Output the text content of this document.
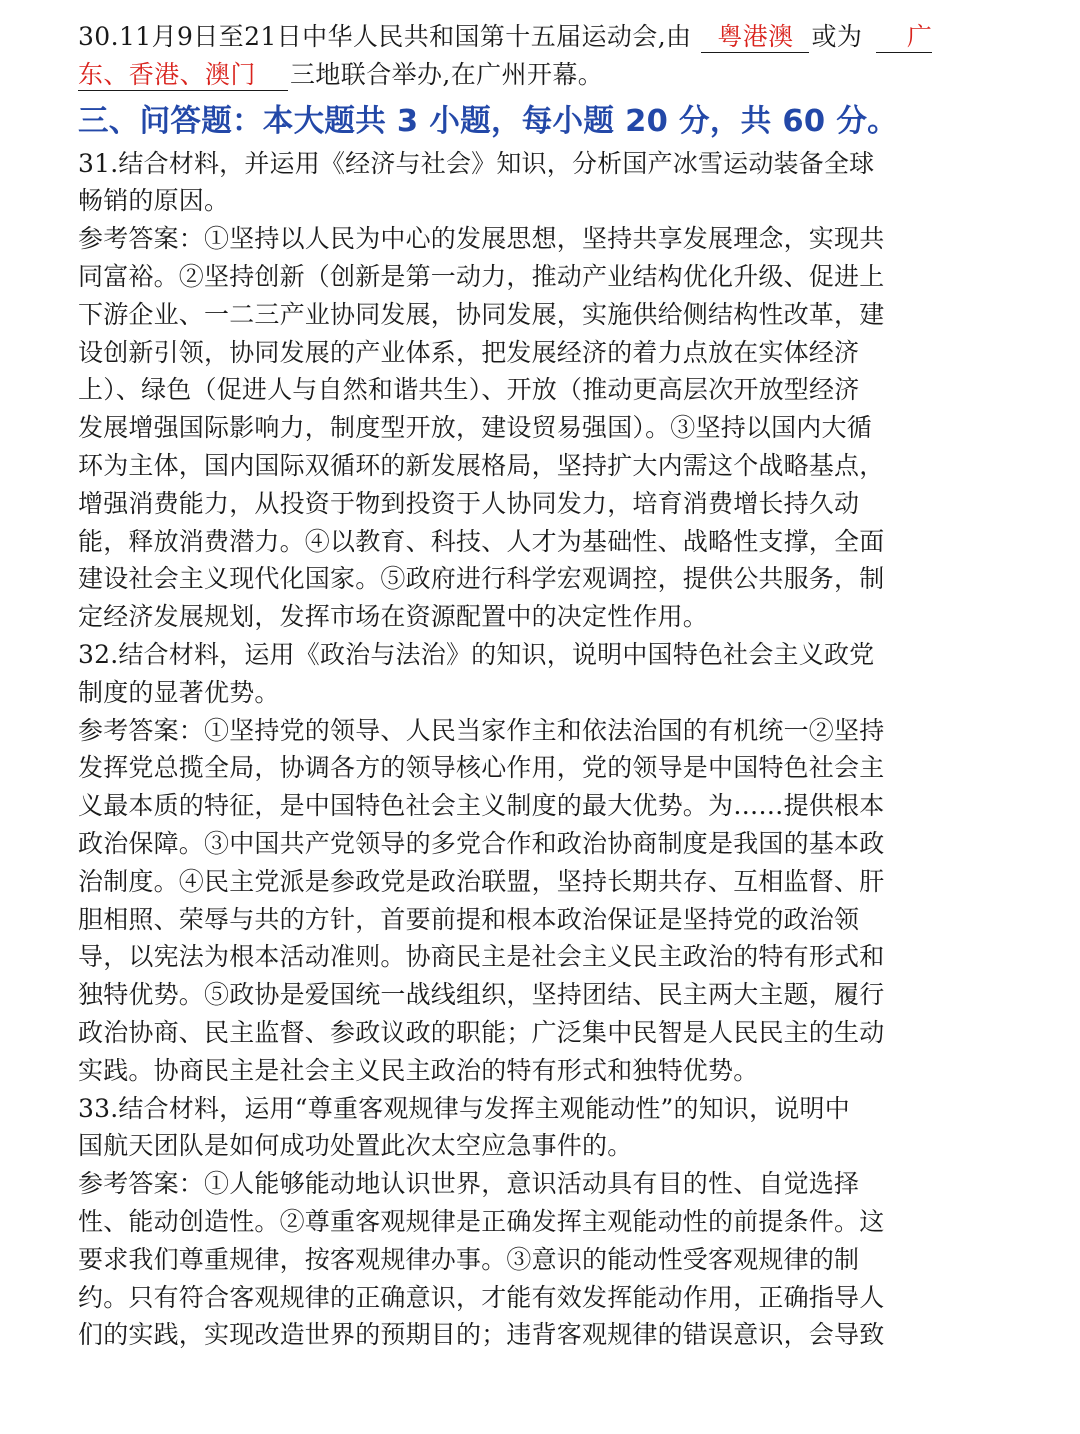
30.11月9日至21日中华人民共和国第十五届运动会,由 粤港澳 或为 广
东、香港、澳门 三地联合举办,在广州开幕。
三、问答题：本大题共 3 小题，每小题 20 分，共 60 分。
31.结合材料，并运用《经济与社会》知识，分析国产冰雪运动装备全球
畅销的原因。
参考答案：①坚持以人民为中心的发展思想，坚持共享发展理念，实现共
同富裕。②坚持创新（创新是第一动力，推动产业结构优化升级、促进上
下游企业、一二三产业协同发展，协同发展，实施供给侧结构性改革，建
设创新引领，协同发展的产业体系，把发展经济的着力点放在实体经济
上）、绿色（促进人与自然和谐共生）、开放（推动更高层次开放型经济
发展增强国际影响力，制度型开放，建设贸易强国）。③坚持以国内大循
环为主体，国内国际双循环的新发展格局，坚持扩大内需这个战略基点，
增强消费能力，从投资于物到投资于人协同发力，培育消费增长持久动
能，释放消费潜力。④以教育、科技、人才为基础性、战略性支撑，全面
建设社会主义现代化国家。⑤政府进行科学宏观调控，提供公共服务，制
定经济发展规划，发挥市场在资源配置中的决定性作用。
32.结合材料，运用《政治与法治》的知识，说明中国特色社会主义政党
制度的显著优势。
参考答案：①坚持党的领导、人民当家作主和依法治国的有机统一②坚持
发挥党总揽全局，协调各方的领导核心作用，党的领导是中国特色社会主
义最本质的特征，是中国特色社会主义制度的最大优势。为……提供根本
政治保障。③中国共产党领导的多党合作和政治协商制度是我国的基本政
治制度。④民主党派是参政党是政治联盟，坚持长期共存、互相监督、肝
胆相照、荣辱与共的方针，首要前提和根本政治保证是坚持党的政治领
导，以宪法为根本活动准则。协商民主是社会主义民主政治的特有形式和
独特优势。⑤政协是爱国统一战线组织，坚持团结、民主两大主题，履行
政治协商、民主监督、参政议政的职能；广泛集中民智是人民民主的生动
实践。协商民主是社会主义民主政治的特有形式和独特优势。
33.结合材料，运用“尊重客观规律与发挥主观能动性”的知识，说明中
国航天团队是如何成功处置此次太空应急事件的。
参考答案：①人能够能动地认识世界，意识活动具有目的性、自觉选择
性、能动创造性。②尊重客观规律是正确发挥主观能动性的前提条件。这
要求我们尊重规律，按客观规律办事。③意识的能动性受客观规律的制
约。只有符合客观规律的正确意识，才能有效发挥能动作用，正确指导人
们的实践，实现改造世界的预期目的；违背客观规律的错误意识，会导致
